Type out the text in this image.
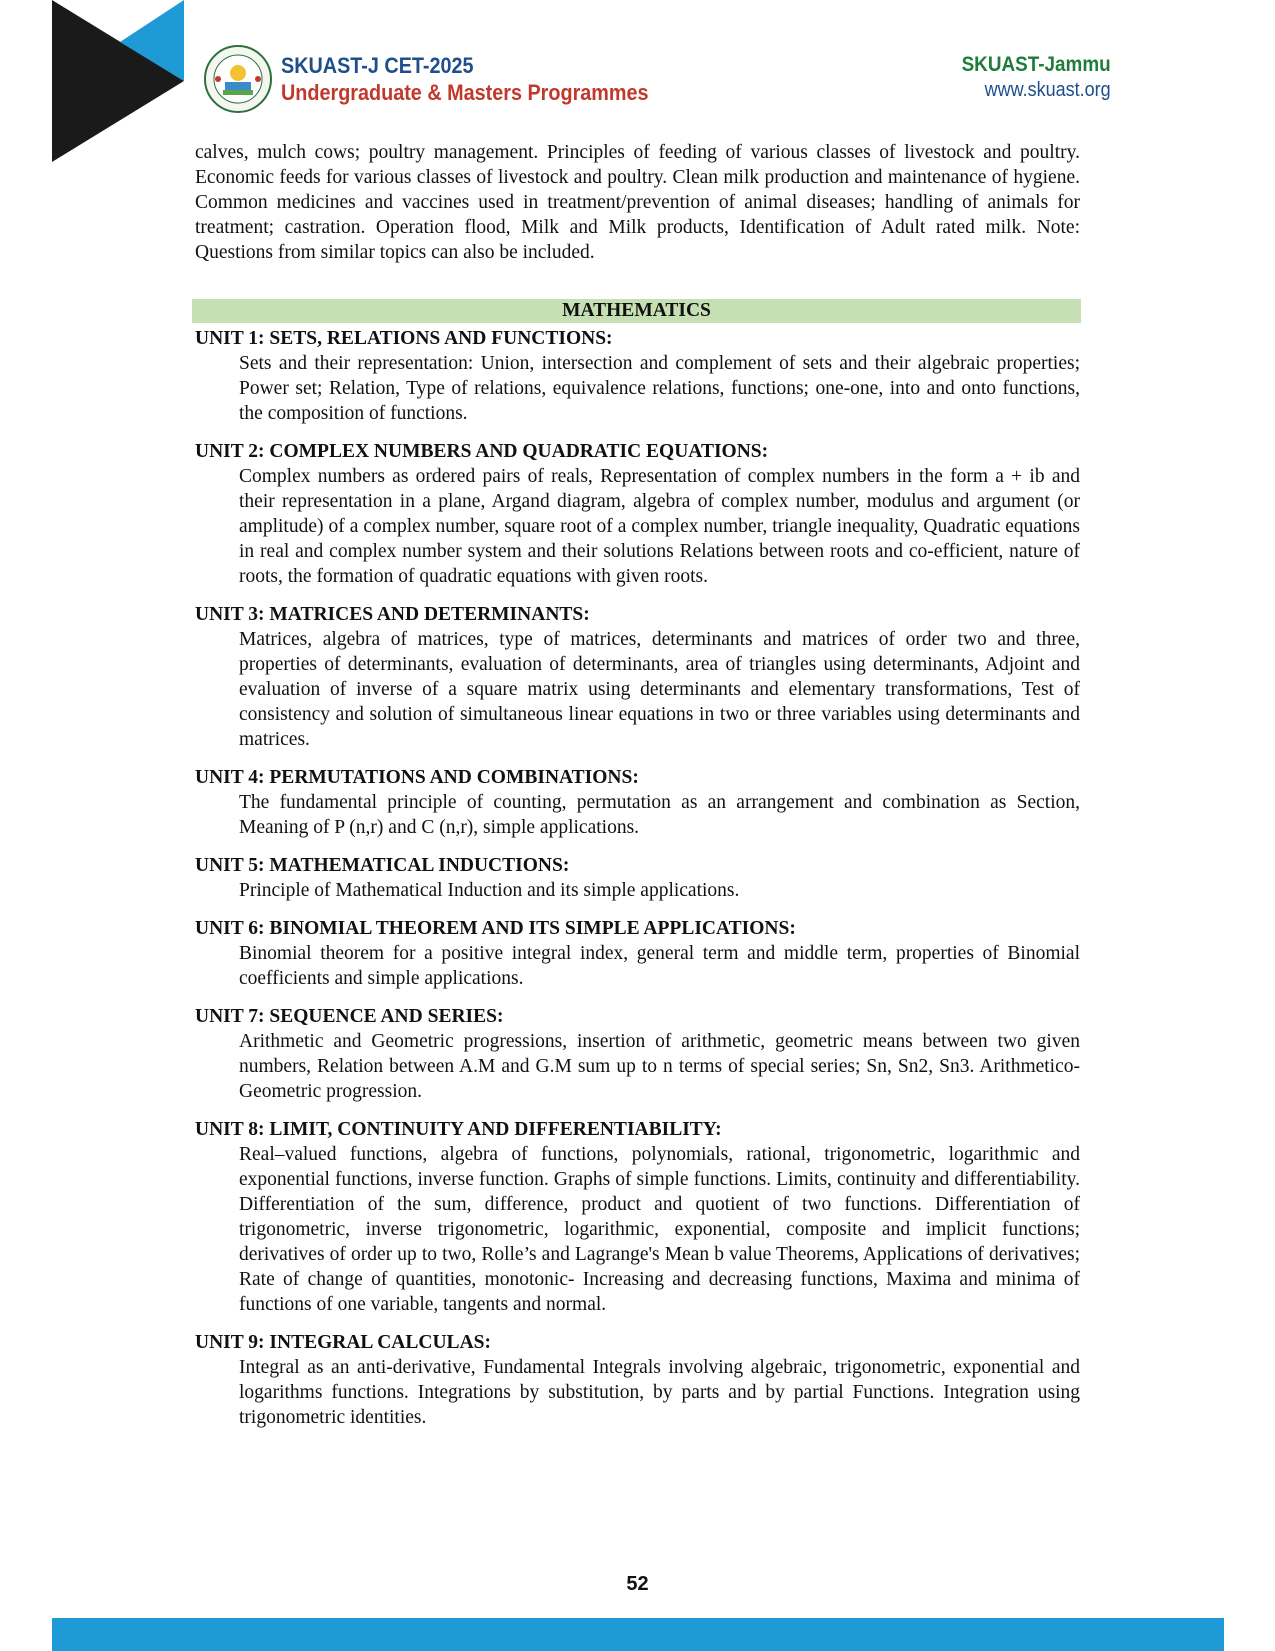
SKUAST-J CET-2025
Undergraduate & Masters Programmes
SKUAST-Jammu
www.skuast.org

calves, mulch cows; poultry management. Principles of feeding of various classes of livestock and poultry. Economic feeds for various classes of livestock and poultry. Clean milk production and maintenance of hygiene. Common medicines and vaccines used in treatment/prevention of animal diseases; handling of animals for treatment; castration. Operation flood, Milk and Milk products, Identification of Adult rated milk. Note: Questions from similar topics can also be included.

MATHEMATICS

UNIT 1: SETS, RELATIONS AND FUNCTIONS:

Sets and their representation: Union, intersection and complement of sets and their algebraic properties; Power set; Relation, Type of relations, equivalence relations, functions; one-one, into and onto functions, the composition of functions.

UNIT 2: COMPLEX NUMBERS AND QUADRATIC EQUATIONS:

Complex numbers as ordered pairs of reals, Representation of complex numbers in the form a + ib and their representation in a plane, Argand diagram, algebra of complex number, modulus and argument (or amplitude) of a complex number, square root of a complex number, triangle inequality, Quadratic equations in real and complex number system and their solutions Relations between roots and co-efficient, nature of roots, the formation of quadratic equations with given roots.

UNIT 3: MATRICES AND DETERMINANTS:

Matrices, algebra of matrices, type of matrices, determinants and matrices of order two and three, properties of determinants, evaluation of determinants, area of triangles using determinants, Adjoint and evaluation of inverse of a square matrix using determinants and elementary transformations, Test of consistency and solution of simultaneous linear equations in two or three variables using determinants and matrices.

UNIT 4: PERMUTATIONS AND COMBINATIONS:

The fundamental principle of counting, permutation as an arrangement and combination as Section, Meaning of P (n,r) and C (n,r), simple applications.

UNIT 5: MATHEMATICAL INDUCTIONS:

Principle of Mathematical Induction and its simple applications.

UNIT 6: BINOMIAL THEOREM AND ITS SIMPLE APPLICATIONS:

Binomial theorem for a positive integral index, general term and middle term, properties of Binomial coefficients and simple applications.

UNIT 7: SEQUENCE AND SERIES:

Arithmetic and Geometric progressions, insertion of arithmetic, geometric means between two given numbers, Relation between A.M and G.M sum up to n terms of special series; Sn, Sn2, Sn3. Arithmetico-Geometric progression.

UNIT 8: LIMIT, CONTINUITY AND DIFFERENTIABILITY:

Real–valued functions, algebra of functions, polynomials, rational, trigonometric, logarithmic and exponential functions, inverse function. Graphs of simple functions. Limits, continuity and differentiability. Differentiation of the sum, difference, product and quotient of two functions. Differentiation of trigonometric, inverse trigonometric, logarithmic, exponential, composite and implicit functions; derivatives of order up to two, Rolle’s and Lagrange's Mean b value Theorems, Applications of derivatives; Rate of change of quantities, monotonic- Increasing and decreasing functions, Maxima and minima of functions of one variable, tangents and normal.

UNIT 9: INTEGRAL CALCULAS:

Integral as an anti-derivative, Fundamental Integrals involving algebraic, trigonometric, exponential and logarithms functions. Integrations by substitution, by parts and by partial Functions. Integration using trigonometric identities.

52
